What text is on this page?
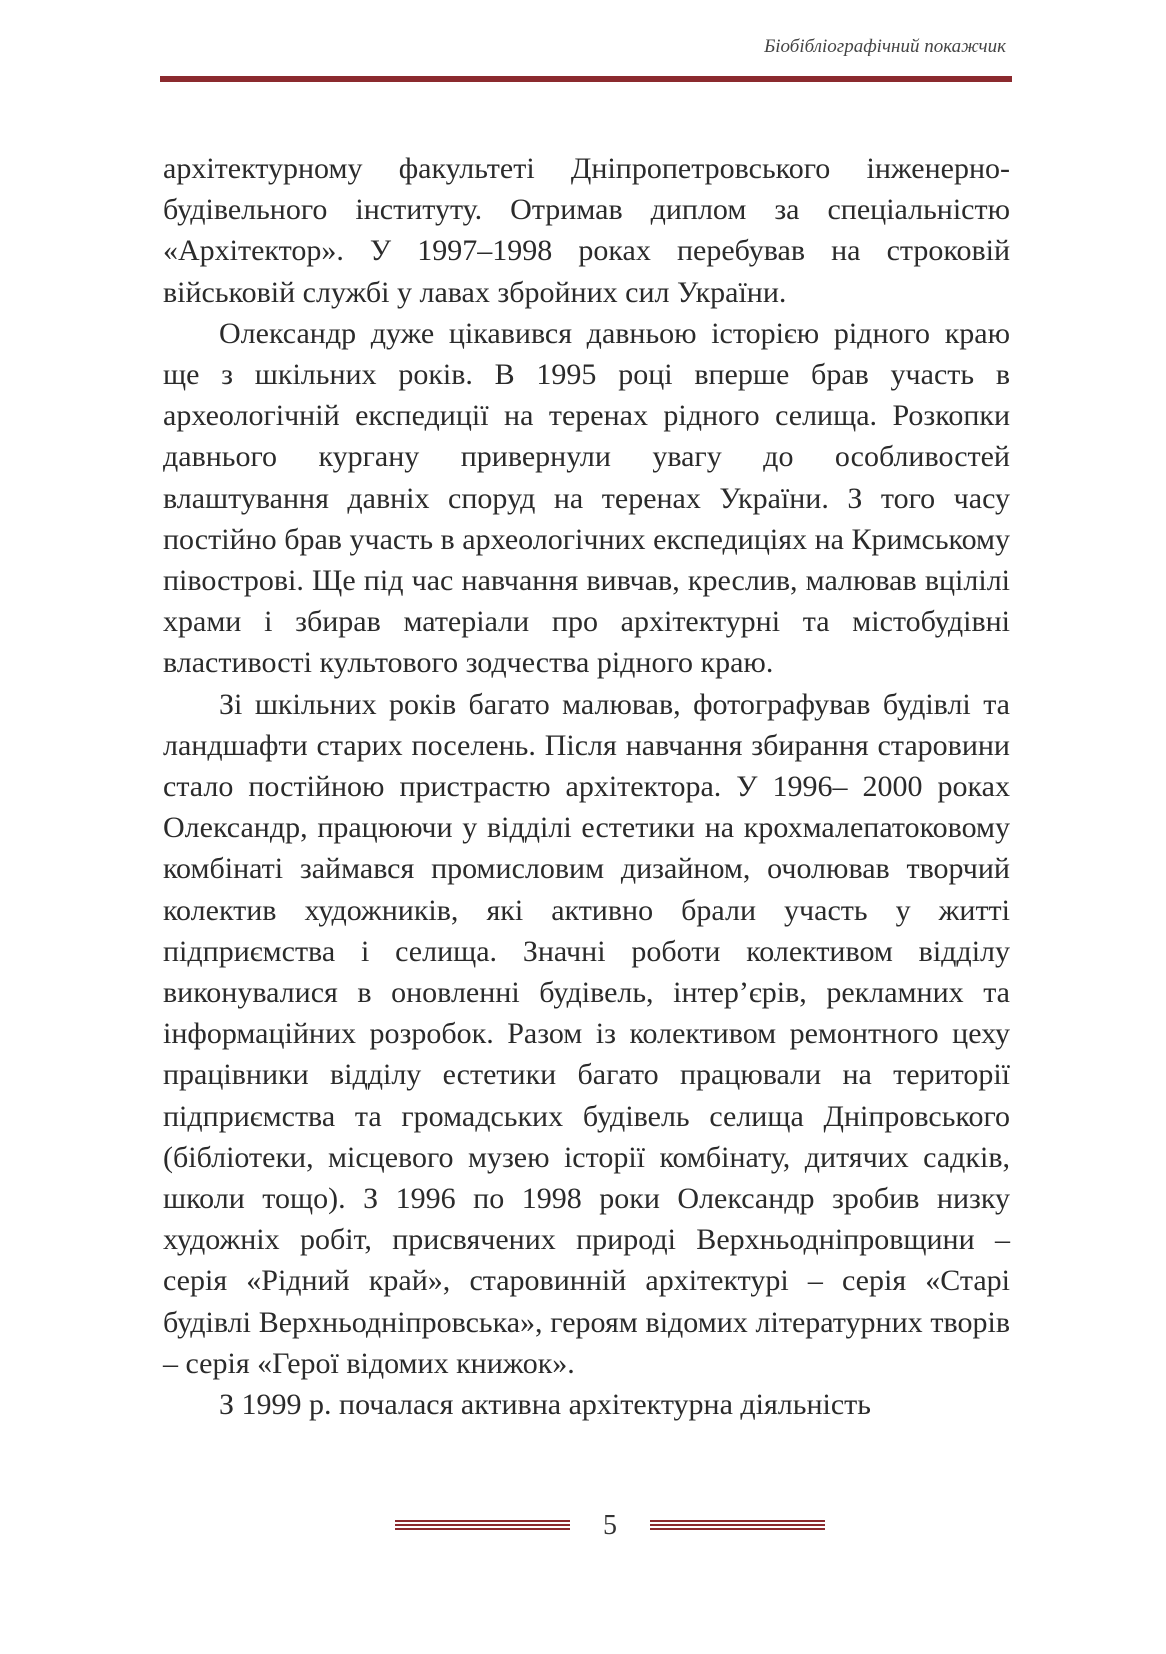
Біобібліографічний покажчик

архітектурному факультеті Дніпропетровського інженерно-будівельного інституту. Отримав диплом за спеціальністю «Архітектор». У 1997–1998 роках перебував на строковій військовій службі у лавах збройних сил України.

Олександр дуже цікавився давньою історією рідного краю ще з шкільних років. В 1995 році вперше брав участь в археологічній експедиції на теренах рідного селища. Розкопки давнього кургану привернули увагу до особливостей влаштування давніх споруд на теренах України. З того часу постійно брав участь в археологічних експедиціях на Кримському півострові. Ще під час навчання вивчав, креслив, малював вцілілі храми і збирав матеріали про архітектурні та містобудівні властивості культового зодчества рідного краю.

Зі шкільних років багато малював, фотографував будівлі та ландшафти старих поселень. Після навчання збирання старовини стало постійною пристрастю архітектора. У 1996– 2000 роках Олександр, працюючи у відділі естетики на крохмалепатоковому комбінаті займався промисловим дизайном, очолював творчий колектив художників, які активно брали участь у житті підприємства і селища. Значні роботи колективом відділу виконувалися в оновленні будівель, інтер’єрів, рекламних та інформаційних розробок. Разом із колективом ремонтного цеху працівники відділу естетики багато працювали на території підприємства та громадських будівель селища Дніпровського (бібліотеки, місцевого музею історії комбінату, дитячих садків, школи тощо). З 1996 по 1998 роки Олександр зробив низку художніх робіт, присвячених природі Верхньодніпровщини – серія «Рідний край», старовинній архітектурі – серія «Старі будівлі Верхньодніпровська», героям відомих літературних творів – серія «Герої відомих книжок».

З 1999 р. почалася активна архітектурна діяльність

5
